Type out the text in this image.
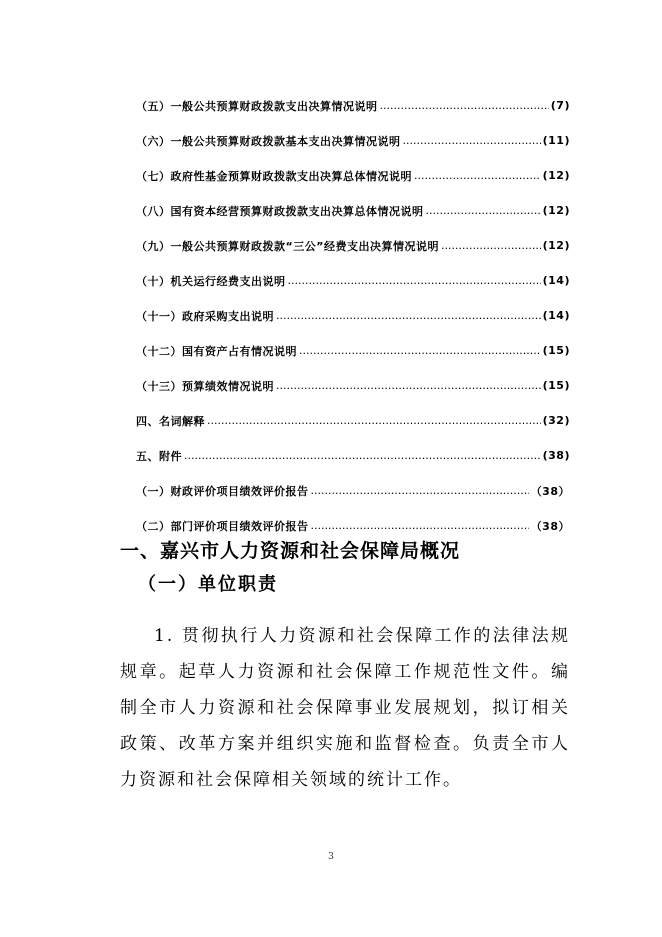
（五）一般公共预算财政拨款支出决算情况说明 .....	(7)
（六）一般公共预算财政拨款基本支出决算情况说明 .....	(11)
（七）政府性基金预算财政拨款支出决算总体情况说明 .....	(12)
（八）国有资本经营预算财政拨款支出决算总体情况说明 .....	(12)
（九）一般公共预算财政拨款“三公”经费支出决算情况说明 .....	(12)
（十）机关运行经费支出说明 .....	(14)
（十一）政府采购支出说明 .....	(14)
（十二）国有资产占有情况说明 .....	(15)
（十三）预算绩效情况说明 .....	(15)
四、名词解释 .....	(32)
五、附件 .....	(38)
（一）财政评价项目绩效评价报告 .....	（38）
（二）部门评价项目绩效评价报告 .....	（38）
一、嘉兴市人力资源和社会保障局概况
（一）单位职责
1. 贯彻执行人力资源和社会保障工作的法律法规规章。起草人力资源和社会保障工作规范性文件。编制全市人力资源和社会保障事业发展规划，拟订相关政策、改革方案并组织实施和监督检查。负责全市人力资源和社会保障相关领域的统计工作。
3
